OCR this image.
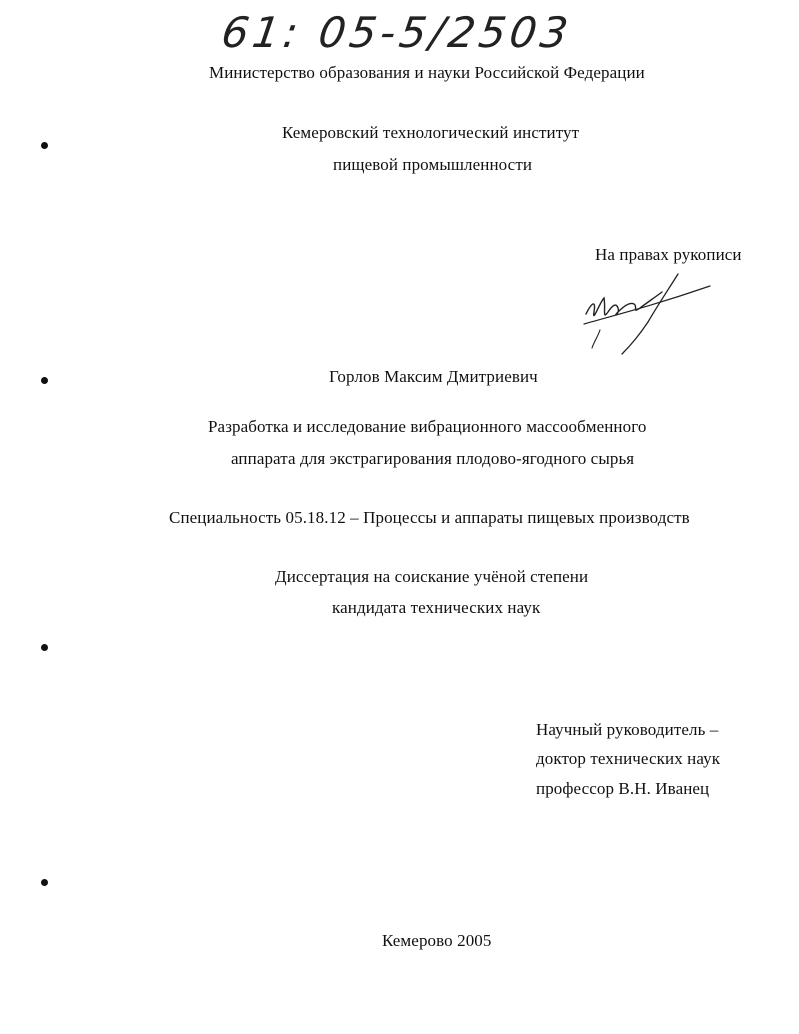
61: 05-5/2503
Министерство образования и науки Российской Федерации
Кемеровский технологический институт
пищевой промышленности
На правах рукописи
Горлов Максим Дмитриевич
Разработка и исследование вибрационного массообменного
аппарата для экстрагирования плодово-ягодного сырья
Специальность 05.18.12 – Процессы и аппараты пищевых производств
Диссертация на соискание учёной степени
кандидата технических наук
Научный руководитель –
доктор технических наук
профессор В.Н. Иванец
Кемерово 2005
